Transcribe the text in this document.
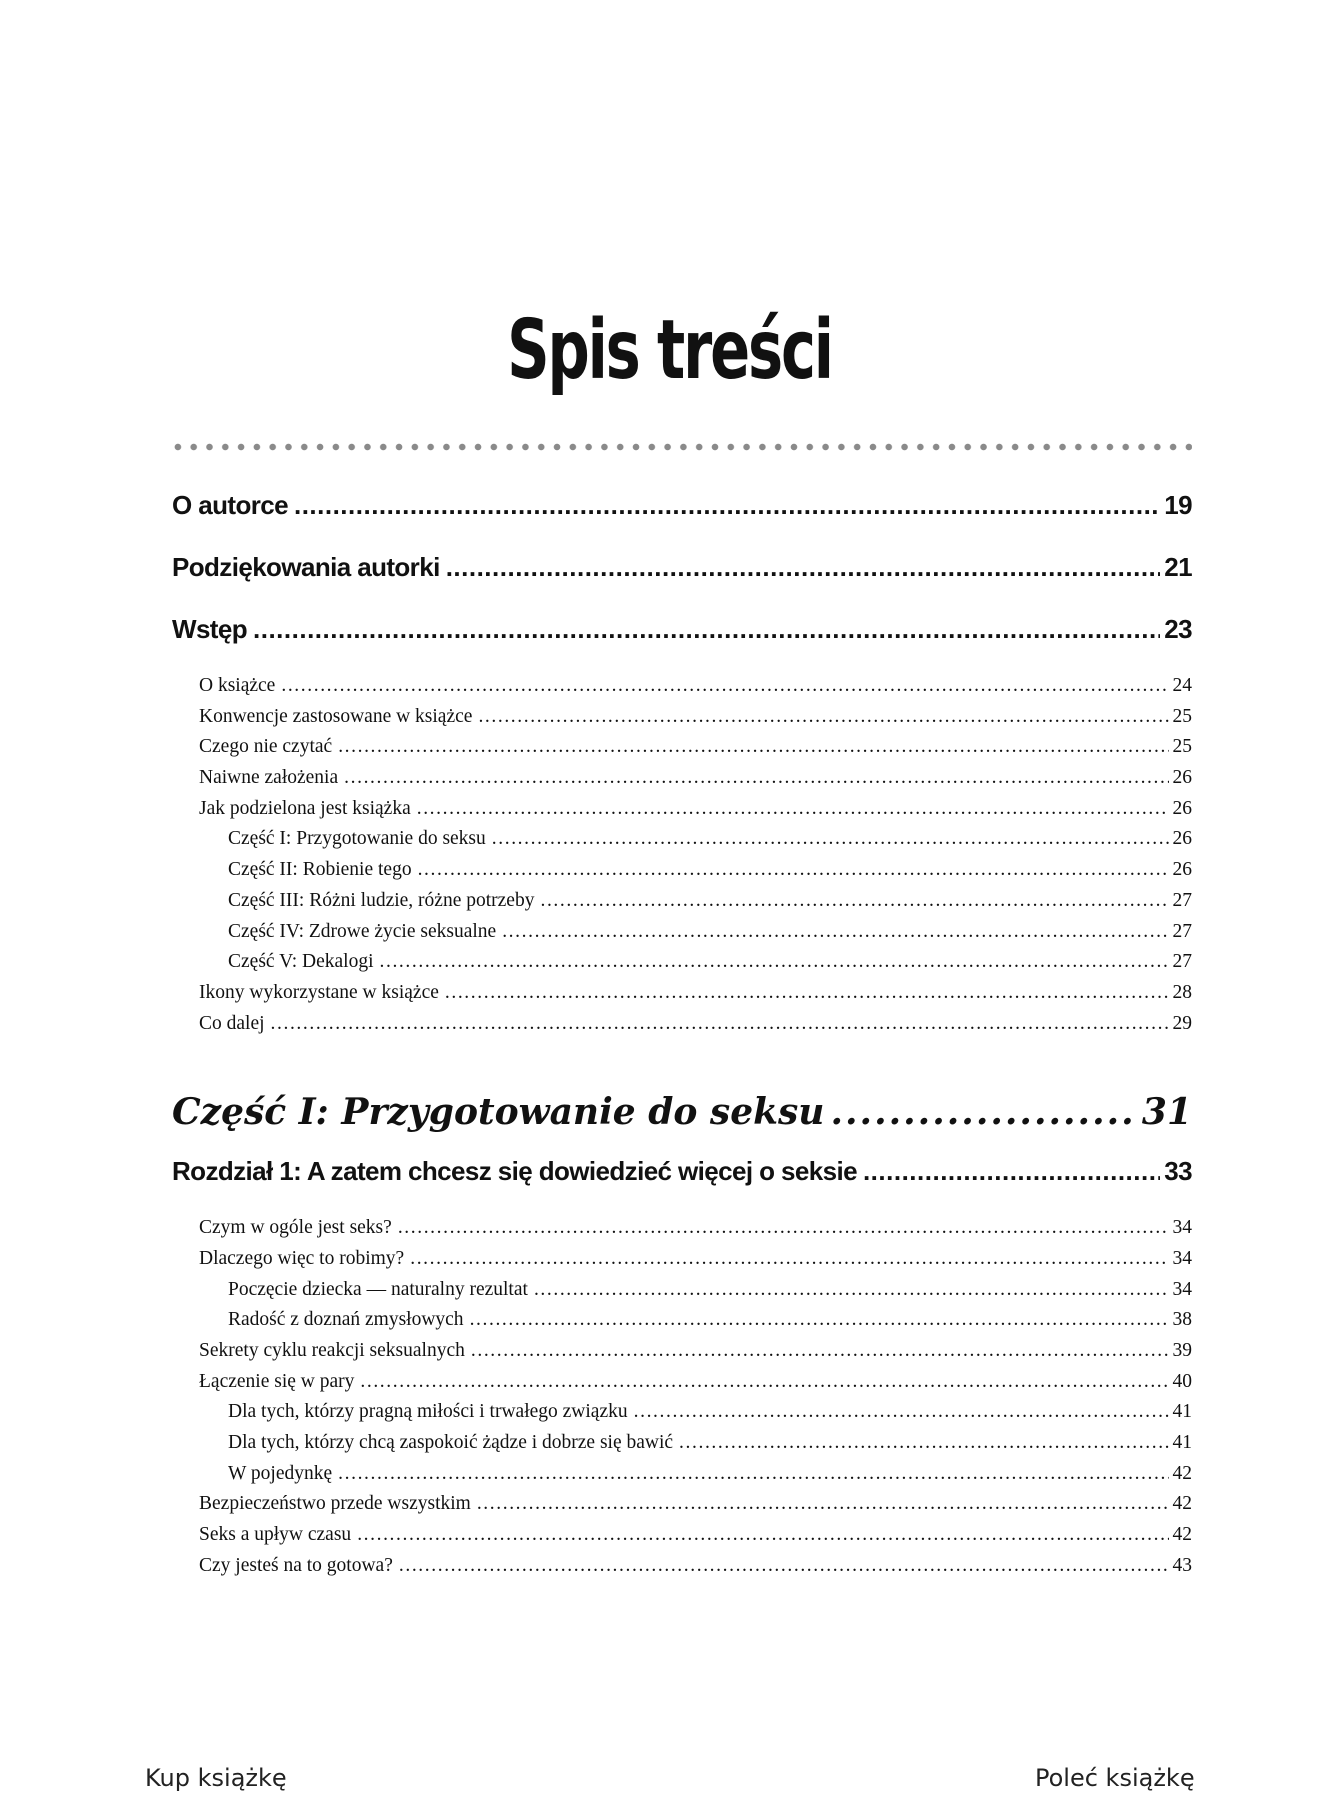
Spis treści
O autorce .....	19
Podziękowania autorki .....	21
Wstęp .....	23
O książce .....	24
Konwencje zastosowane w książce .....	25
Czego nie czytać .....	25
Naiwne założenia .....	26
Jak podzielona jest książka .....	26
Część I: Przygotowanie do seksu .....	26
Część II: Robienie tego .....	26
Część III: Różni ludzie, różne potrzeby .....	27
Część IV: Zdrowe życie seksualne .....	27
Część V: Dekalogi .....	27
Ikony wykorzystane w książce .....	28
Co dalej .....	29
Część I: Przygotowanie do seksu .....	31
Rozdział 1: A zatem chcesz się dowiedzieć więcej o seksie .....	33
Czym w ogóle jest seks? .....	34
Dlaczego więc to robimy? .....	34
Poczęcie dziecka — naturalny rezultat .....	34
Radość z doznań zmysłowych .....	38
Sekrety cyklu reakcji seksualnych .....	39
Łączenie się w pary .....	40
Dla tych, którzy pragną miłości i trwałego związku .....	41
Dla tych, którzy chcą zaspokoić żądze i dobrze się bawić .....	41
W pojedynkę .....	42
Bezpieczeństwo przede wszystkim .....	42
Seks a upływ czasu .....	42
Czy jesteś na to gotowa? .....	43
Kup książkę	Poleć książkę
